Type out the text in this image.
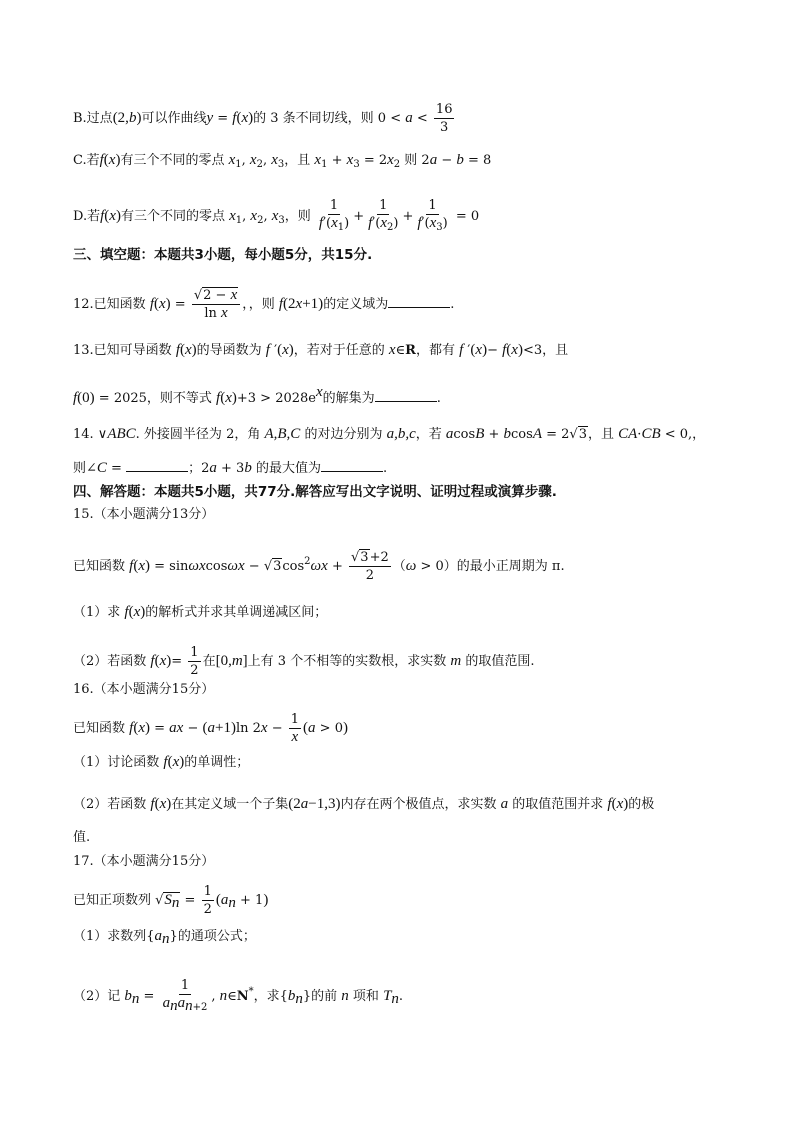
B.过点(2,b)可以作曲线y = f(x)的 3 条不同切线，则 $0 < a < \frac{16}{3}$
C.若f(x)有三个不同的零点 $x_1$, $x_2$, $x_3$，且 $x_1 + x_3 = 2x_2$ 则 2a − b = 8
D.若f(x)有三个不同的零点 $x_1$, $x_2$, $x_3$，则 $\frac{1}{f'(x_1)} + \frac{1}{f'(x_2)} + \frac{1}{f'(x_3)} = 0$
三、填空题：本题共3小题，每小题5分，共15分.
12.已知函数 $f(x) = \frac{√2 - x}{\text{ln x}}$ ，，则 f(2x+1)的定义域为	.
13.已知可导函数 f(x)的导函数为 f ′(x)，若对于任意的 x∈R，都有 f ′(x)− f(x)<3，且
f(0) = 2025，则不等式 $f(x)+3 > 2028e^x$的解集为	.
14. ∨ABC. 外接圆半径为 2，角 A,B,C 的对边分别为 a,b,c，若 acosB + bcosA = 2√3，且 CA·CB < 0,，
则∠C =	；2a + 3b 的最大值为	.
四、解答题：本题共5小题，共77分.解答应写出文字说明、证明过程或演算步骤.
15.（本小题满分13分）
已知函数 $f(x) = \sin\omega xcos\omega x - √3\cos^2\omega x + \frac{√3+2}{2} (\omega > 0)$的最小正周期为 π.
（1）求 f(x)的解析式并求其单调递减区间；
（2）若函数 $f(x)= \frac{1}{2}$ 在[0,m]上有 3 个不相等的实数根，求实数 m 的取值范围.
16.（本小题满分15分）
已知函数 f(x) = ax − (a+1)ln $2x - \frac{1}{x} (a > 0)$
（1）讨论函数 f(x)的单调性；
（2）若函数 f(x)在其定义域一个子集(2a−1,3)内存在两个极值点，求实数 a 的取值范围并求 f(x)的极
值.
17.（本小题满分15分）
已知正项数列 $√S_n = \frac{1}{2} (a_n + 1)$
（1）求数列$\{a_n\}$的通项公式；
（2）记 $b_n = \frac{1}{a_na_{n+2}}$ , n∈N*，求$\{b_n\}$的前 n 项和 $T_n$.
